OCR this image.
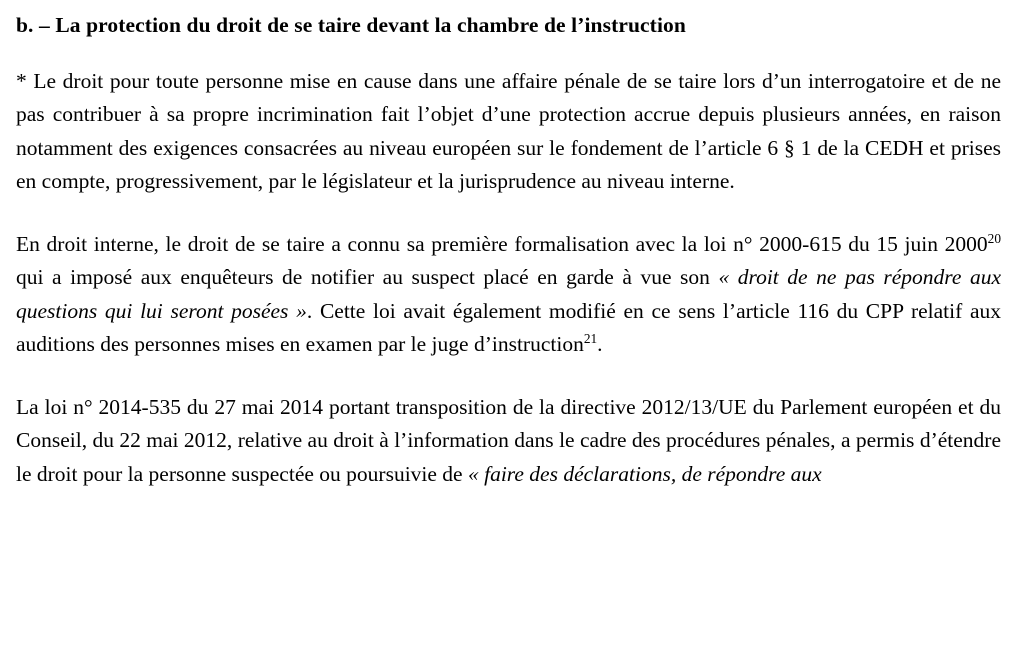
b. – La protection du droit de se taire devant la chambre de l’instruction

* Le droit pour toute personne mise en cause dans une affaire pénale de se taire lors d’un interrogatoire et de ne pas contribuer à sa propre incrimination fait l’objet d’une protection accrue depuis plusieurs années, en raison notamment des exigences consacrées au niveau européen sur le fondement de l’article 6 § 1 de la CEDH et prises en compte, progressivement, par le législateur et la jurisprudence au niveau interne.

En droit interne, le droit de se taire a connu sa première formalisation avec la loi n° 2000-615 du 15 juin 2000$^{20}$ qui a imposé aux enquêteurs de notifier au suspect placé en garde à vue son « droit de ne pas répondre aux questions qui lui seront posées ». Cette loi avait également modifié en ce sens l’article 116 du CPP relatif aux auditions des personnes mises en examen par le juge d’instruction$^{21}$.

La loi n° 2014-535 du 27 mai 2014 portant transposition de la directive 2012/13/UE du Parlement européen et du Conseil, du 22 mai 2012, relative au droit à l’information dans le cadre des procédures pénales, a permis d’étendre le droit pour la personne suspectée ou poursuivie de « faire des déclarations, de répondre aux
